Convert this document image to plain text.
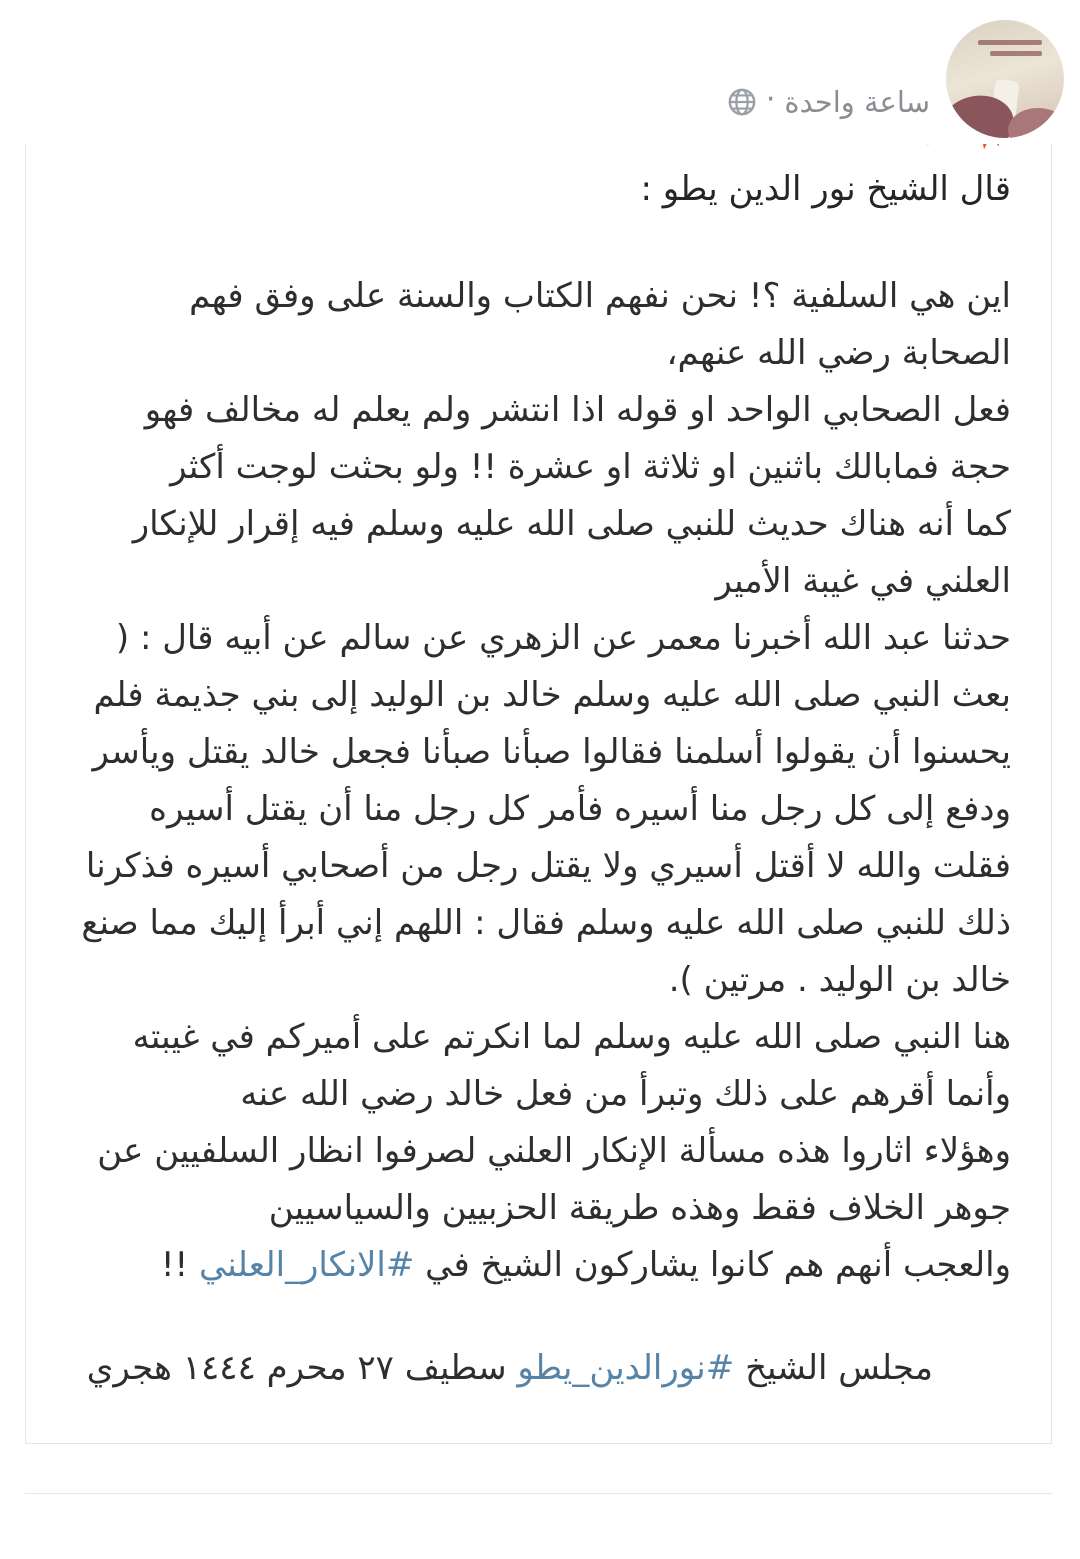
ساعة واحدة
·
قال الشيخ نور الدين يطو :

اين هي السلفية ؟! نحن نفهم الكتاب والسنة على وفق فهم الصحابة رضي الله عنهم،

فعل الصحابي الواحد او قوله اذا انتشر ولم يعلم له مخالف فهو حجة فمابالك باثنين او ثلاثة او عشرة !! ولو بحثت لوجت أكثر

كما أنه هناك حديث للنبي صلى الله عليه وسلم فيه إقرار للإنكار العلني في غيبة الأمير

حدثنا عبد الله أخبرنا معمر عن الزهري عن سالم عن أبيه قال : ( بعث النبي صلى الله عليه وسلم خالد بن الوليد إلى بني جذيمة فلم يحسنوا أن يقولوا أسلمنا فقالوا صبأنا صبأنا فجعل خالد يقتل ويأسر ودفع إلى كل رجل منا أسيره فأمر كل رجل منا أن يقتل أسيره فقلت والله لا أقتل أسيري ولا يقتل رجل من أصحابي أسيره فذكرنا ذلك للنبي صلى الله عليه وسلم فقال : اللهم إني أبرأ إليك مما صنع خالد بن الوليد . مرتين ).

هنا النبي صلى الله عليه وسلم لما انكرتم على أميركم في غيبته وأنما أقرهم على ذلك وتبرأ من فعل خالد رضي الله عنه

وهؤلاء اثاروا هذه مسألة الإنكار العلني لصرفوا انظار السلفيين عن جوهر الخلاف فقط وهذه طريقة الحزبيين والسياسيين

والعجب أنهم هم كانوا يشاركون الشيخ في #الانكار_العلني !!

مجلس الشيخ #نورالدين_يطو سطيف ٢٧ محرم ١٤٤٤ هجري
